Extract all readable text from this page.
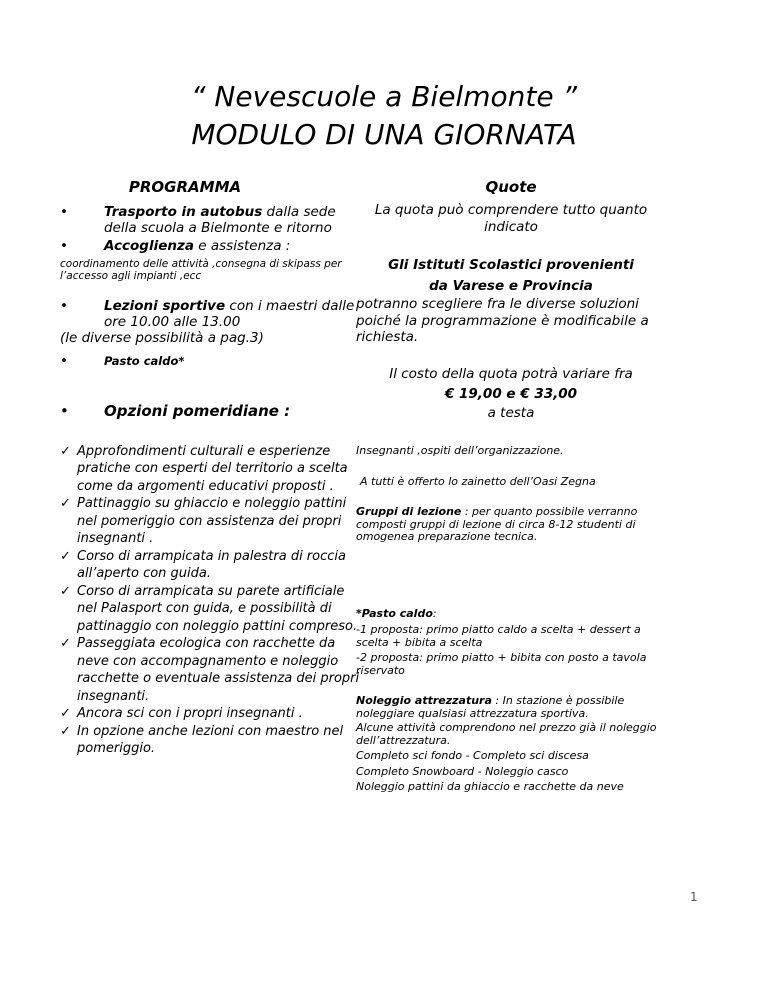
“ Nevescuole a Bielmonte ”
MODULO DI UNA GIORNATA
PROGRAMMA
•	Trasporto in autobus dalla sede della scuola a Bielmonte e ritorno
•	Accoglienza e assistenza :
coordinamento delle attività ,consegna di skipass per l’accesso agli impianti ,ecc
•	Lezioni sportive con i maestri dalle ore 10.00 alle 13.00
(le diverse possibilità a pag.3)
•	Pasto caldo*
• Opzioni pomeridiane :
✓ Approfondimenti culturali e esperienze pratiche con esperti del territorio a scelta come da argomenti educativi proposti .
✓ Pattinaggio su ghiaccio e noleggio pattini nel pomeriggio con assistenza dei propri insegnanti .
✓ Corso di arrampicata in palestra di roccia all’aperto con guida.
✓ Corso di arrampicata su parete artificiale nel Palasport con guida, e possibilità di pattinaggio con noleggio pattini compreso.
✓ Passeggiata ecologica con racchette da neve con accompagnamento e noleggio racchette o eventuale assistenza dei propri insegnanti.
✓ Ancora sci con i propri insegnanti .
✓ In opzione anche lezioni con maestro nel pomeriggio.
Quote
La quota può comprendere tutto quanto indicato
Gli Istituti Scolastici provenienti
da Varese e Provincia
potranno scegliere fra le diverse soluzioni poiché la programmazione è modificabile a richiesta.
Il costo della quota potrà variare fra
€ 19,00 e € 33,00
a testa
Insegnanti ,ospiti dell’organizzazione.
A tutti è offerto lo zainetto dell’Oasi Zegna
Gruppi di lezione : per quanto possibile verranno composti gruppi di lezione di circa 8-12 studenti di omogenea preparazione tecnica.
*Pasto caldo:
-1 proposta: primo piatto caldo a scelta + dessert a scelta + bibita a scelta
-2 proposta: primo piatto + bibita con posto a tavola riservato
Noleggio attrezzatura : In stazione è possibile noleggiare qualsiasi attrezzatura sportiva.
Alcune attività comprendono nel prezzo già il noleggio dell’attrezzatura.
Completo sci fondo - Completo sci discesa
Completo Snowboard - Noleggio casco
Noleggio pattini da ghiaccio e racchette da neve
1
